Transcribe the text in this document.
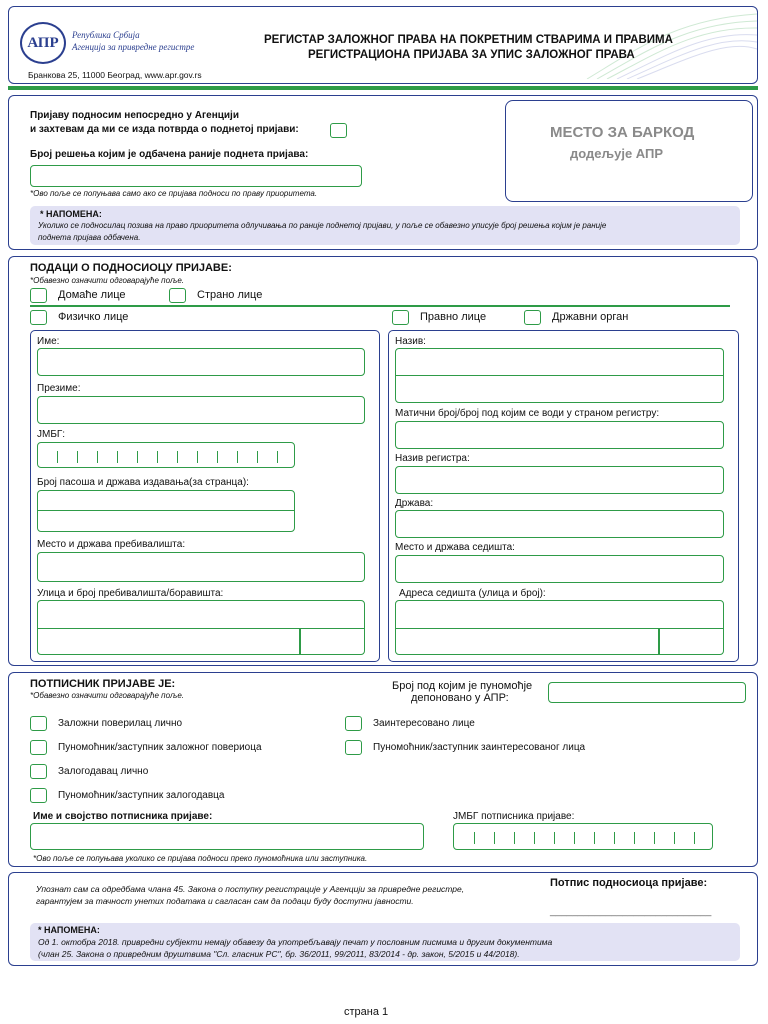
АПР Република Србија
Агенција за привредне регистре
Бранкова 25, 11000 Београд, www.apr.gov.rs
РЕГИСТАР ЗАЛОЖНОГ ПРАВА НА ПОКРЕТНИМ СТВАРИМА И ПРАВИМА
РЕГИСТРАЦИОНА ПРИЈАВА ЗА УПИС ЗАЛОЖНОГ ПРАВА
Пријаву подносим непосредно у Агенцији
и захтевам да ми се изда потврда о поднетој пријави:
Број решења којим је одбачена раније поднета пријава:
*Ово поље се попуњава само ако се пријава подноси по праву приоритета.
МЕСТО ЗА БАРКОД
додељује АПР
* НАПОМЕНА:
Уколико се подносилац позива на право приоритета одлучивања по раније поднетој пријави, у поље се обавезно уписује број решења којим је раније
поднета пријава одбачена.
ПОДАЦИ О ПОДНОСИОЦУ ПРИЈАВЕ:
*Обавезно означити одговарајуће поље.
Домаће лице	Страно лице
Физичко лице	Правно лице	Државни орган
Име:
Презиме:
ЈМБГ:
Број пасоша и држава издавања(за странца):
Место и држава пребивалишта:
Улица и број пребивалишта/боравишта:
Назив:
Матични број/број под којим се води у страном регистру:
Назив регистра:
Држава:
Место и држава седишта:
Адреса седишта (улица и број):
ПОТПИСНИК ПРИЈАВЕ ЈЕ:
*Обавезно означити одговарајуће поље.
Број под којим је пуномоћје
депоновано у АПР:
Заложни поверилац лично
Пуномоћник/заступник заложног повериоца
Залогодавац лично
Пуномоћник/заступник залогодавца
Заинтересовано лице
Пуномоћник/заступник заинтересованог лица
Име и својство потписника пријаве:	ЈМБГ потписника пријаве:
*Ово поље се попуњава уколико се пријава подноси преко пуномоћника или заступника.
Упознат сам са одредбама члана 45. Закона о поступку регистрације у Агенцији за привредне регистре,
гарантујем за тачност унетих података и сагласан сам да подаци буду доступни јавности.
Потпис подносиоца пријаве:
_____________________________
* НАПОМЕНА:
Од 1. октобра 2018. привредни субјекти немају обавезу да употребљавају печат у пословним писмима и другим документима
(члан 25. Закона о привредним друштвима "Сл. гласник РС", бр. 36/2011, 99/2011, 83/2014 - др. закон, 5/2015 и 44/2018).
страна 1
